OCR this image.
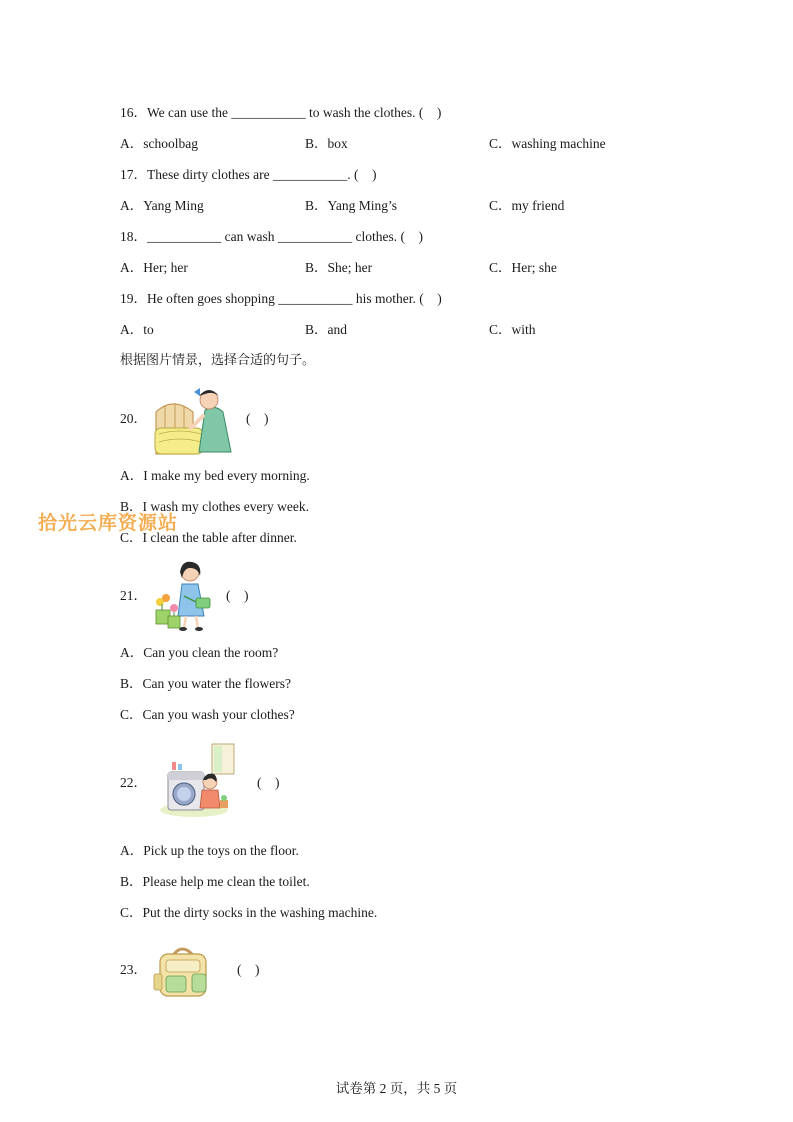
16．We can use the ___________ to wash the clothes. (　)
A．schoolbag	B．box	C．washing machine
17．These dirty clothes are ___________. (　)
A．Yang Ming	B．Yang Ming’s	C．my friend
18．___________ can wash ___________ clothes. (　)
A．Her; her	B．She; her	C．Her; she
19．He often goes shopping ___________ his mother. (　)
A．to	B．and	C．with
根据图片情景，选择合适的句子。
20．	(　)
A．I make my bed every morning.
B．I wash my clothes every week.
C．I clean the table after dinner.
21．	(　)
A．Can you clean the room?
B．Can you water the flowers?
C．Can you wash your clothes?
22．	(　)
A．Pick up the toys on the floor.
B．Please help me clean the toilet.
C．Put the dirty socks in the washing machine.
23．	(　)
拾光云库资源站
试卷第 2 页，共 5 页
